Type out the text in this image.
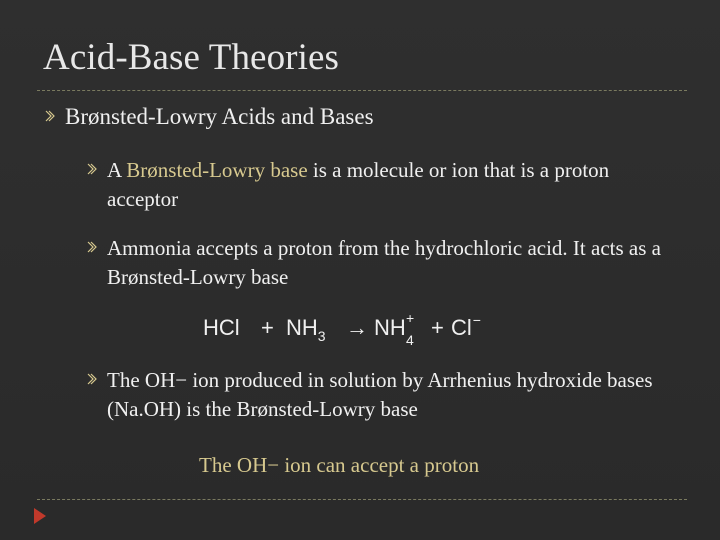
Acid-Base Theories
Brønsted-Lowry Acids and Bases
A Brønsted-Lowry base is a molecule or ion that is a proton acceptor
Ammonia accepts a proton from the hydrochloric acid. It acts as a Brønsted-Lowry base
HCl + $NH_3$ → NH +
4 + Cl−
The OH− ion produced in solution by Arrhenius hydroxide bases (Na.OH) is the Brønsted-Lowry base
The OH− ion can accept a proton
